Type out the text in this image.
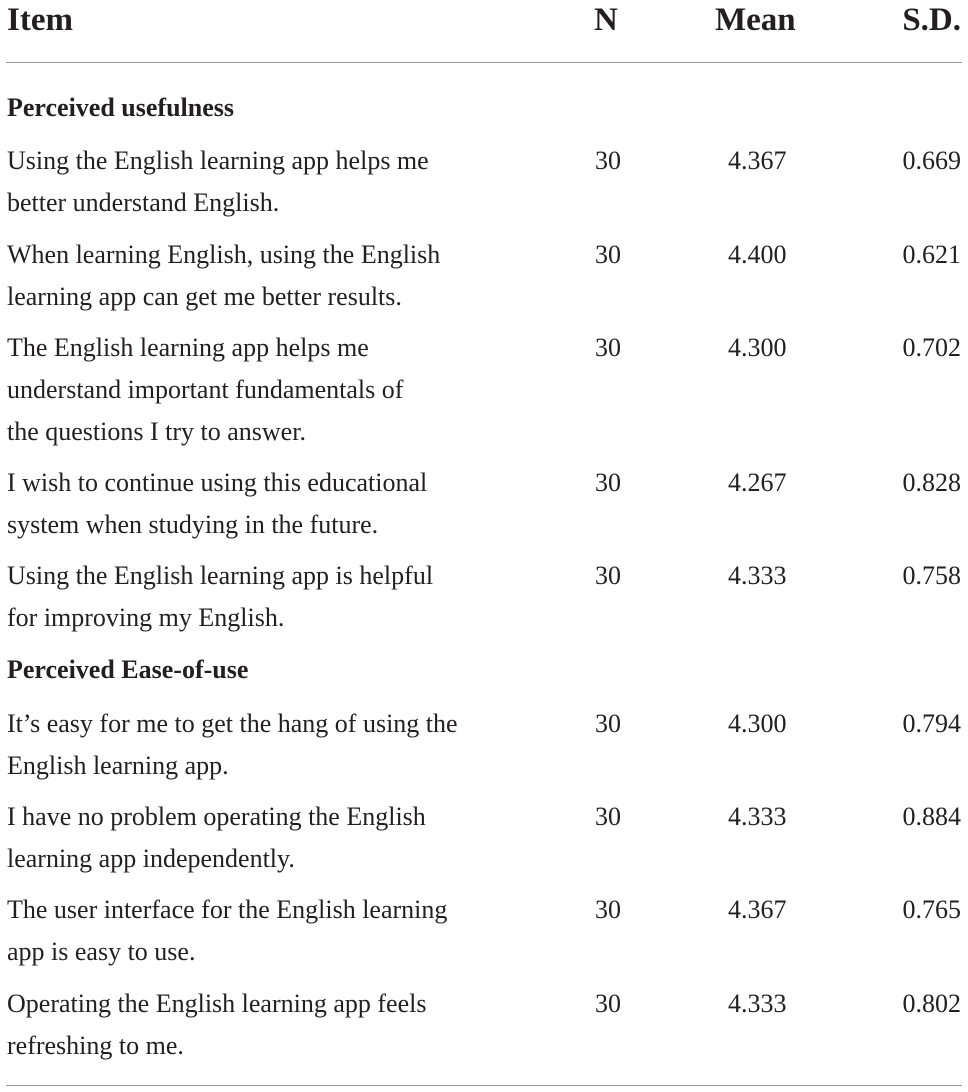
Item	N	Mean	S.D.
Perceived usefulness
Using the English learning app helps me
better understand English.
30	4.367	0.669
When learning English, using the English
learning app can get me better results.
30	4.400	0.621
The English learning app helps me
understand important fundamentals of
the questions I try to answer.
30	4.300	0.702
I wish to continue using this educational
system when studying in the future.
30	4.267	0.828
Using the English learning app is helpful
for improving my English.
30	4.333	0.758
Perceived Ease-of-use
It’s easy for me to get the hang of using the
English learning app.
30	4.300	0.794
I have no problem operating the English
learning app independently.
30	4.333	0.884
The user interface for the English learning
app is easy to use.
30	4.367	0.765
Operating the English learning app feels
refreshing to me.
30	4.333	0.802
